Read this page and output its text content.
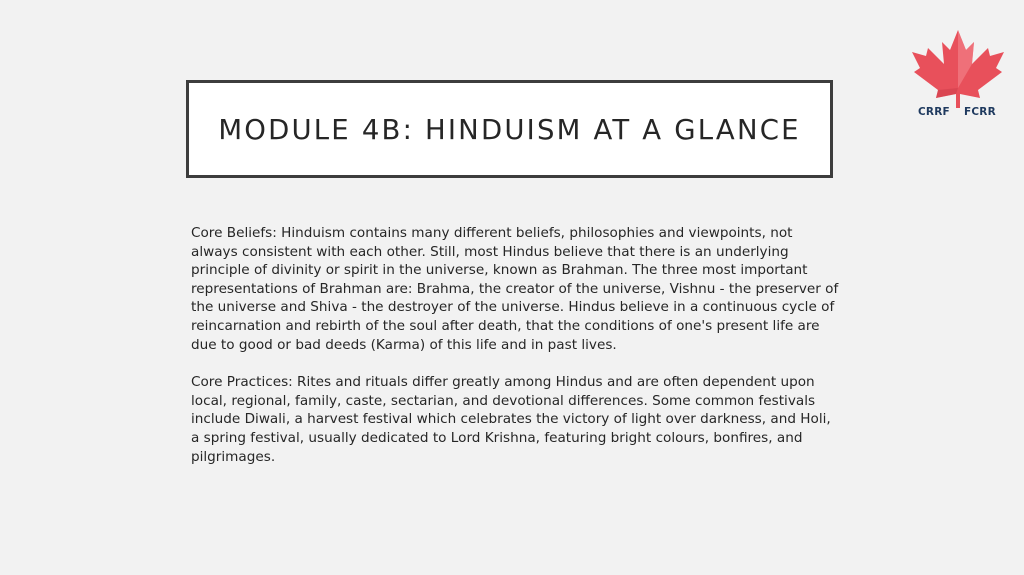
MODULE 4B: HINDUISM AT A GLANCE

Core Beliefs: Hinduism contains many different beliefs, philosophies and viewpoints, not always consistent with each other. Still, most Hindus believe that there is an underlying principle of divinity or spirit in the universe, known as Brahman. The three most important representations of Brahman are: Brahma, the creator of the universe, Vishnu - the preserver of the universe and Shiva - the destroyer of the universe. Hindus believe in a continuous cycle of reincarnation and rebirth of the soul after death, that the conditions of one's present life are due to good or bad deeds (Karma) of this life and in past lives.

Core Practices: Rites and rituals differ greatly among Hindus and are often dependent upon local, regional, family, caste, sectarian, and devotional differences. Some common festivals include Diwali, a harvest festival which celebrates the victory of light over darkness, and Holi, a spring festival, usually dedicated to Lord Krishna, featuring bright colours, bonfires, and pilgrimages.

CRRF FCRR
